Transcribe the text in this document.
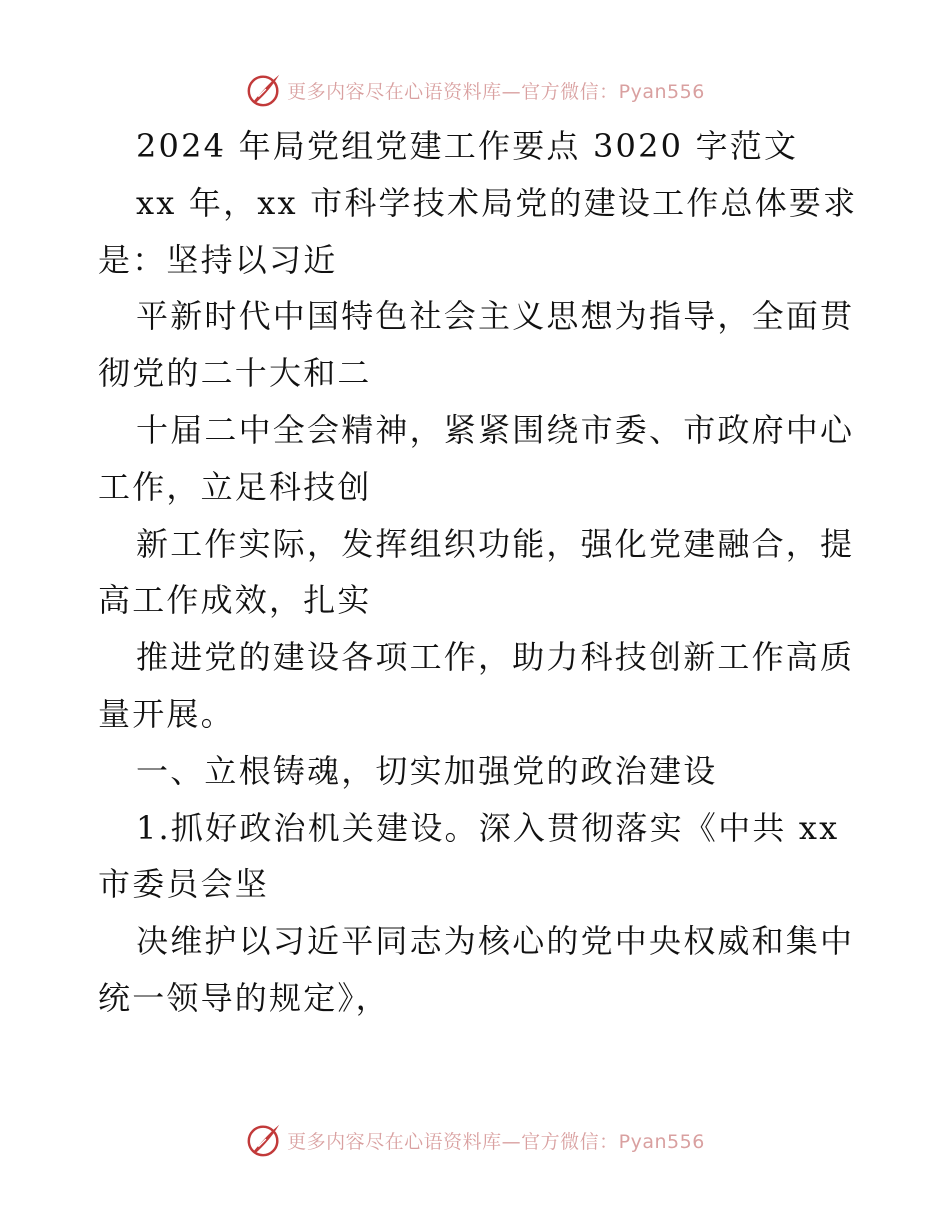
更多内容尽在心语资料库—官方微信：Pyan556
2024 年局党组党建工作要点 3020 字范文
xx 年，xx 市科学技术局党的建设工作总体要求
是：坚持以习近
平新时代中国特色社会主义思想为指导，全面贯
彻党的二十大和二
十届二中全会精神，紧紧围绕市委、市政府中心
工作，立足科技创
新工作实际，发挥组织功能，强化党建融合，提
高工作成效，扎实
推进党的建设各项工作，助力科技创新工作高质
量开展。
一、立根铸魂，切实加强党的政治建设
1.抓好政治机关建设。深入贯彻落实《中共 xx
市委员会坚
决维护以习近平同志为核心的党中央权威和集中
统一领导的规定》，
更多内容尽在心语资料库—官方微信：Pyan556
